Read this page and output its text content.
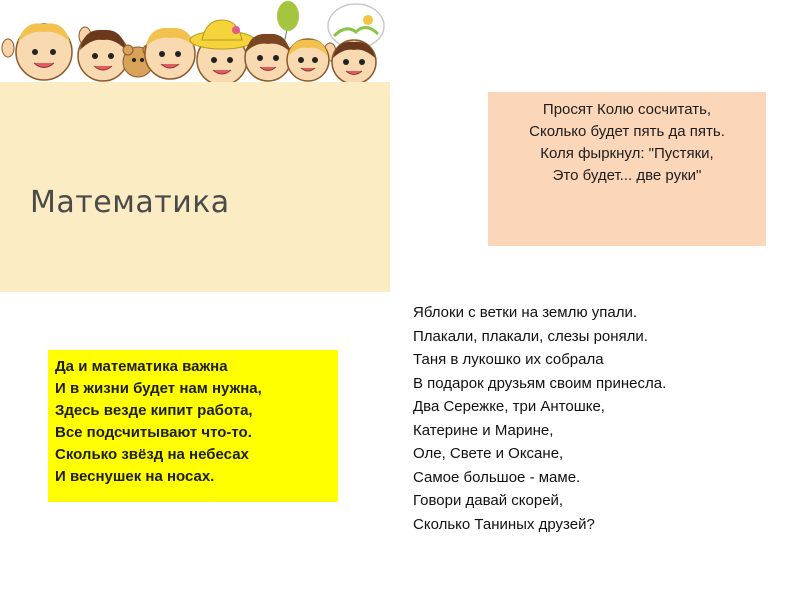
Математика
Просят Колю сосчитать,
Сколько будет пять да пять.
Коля фыркнул: "Пустяки,
Это будет... две руки"
Яблоки с ветки на землю упали.
Плакали, плакали, слезы роняли.
Таня в лукошко их собрала
В подарок друзьям своим принесла.
Два Сережке, три Антошке,
Катерине и Марине,
Оле, Свете и Оксане,
Самое большое - маме.
Говори давай скорей,
Сколько Таниных друзей?
Да и математика важна
И в жизни будет нам нужна,
Здесь везде кипит работа,
Все подсчитывают что-то.
Сколько звёзд на небесах
И веснушек на носах.
